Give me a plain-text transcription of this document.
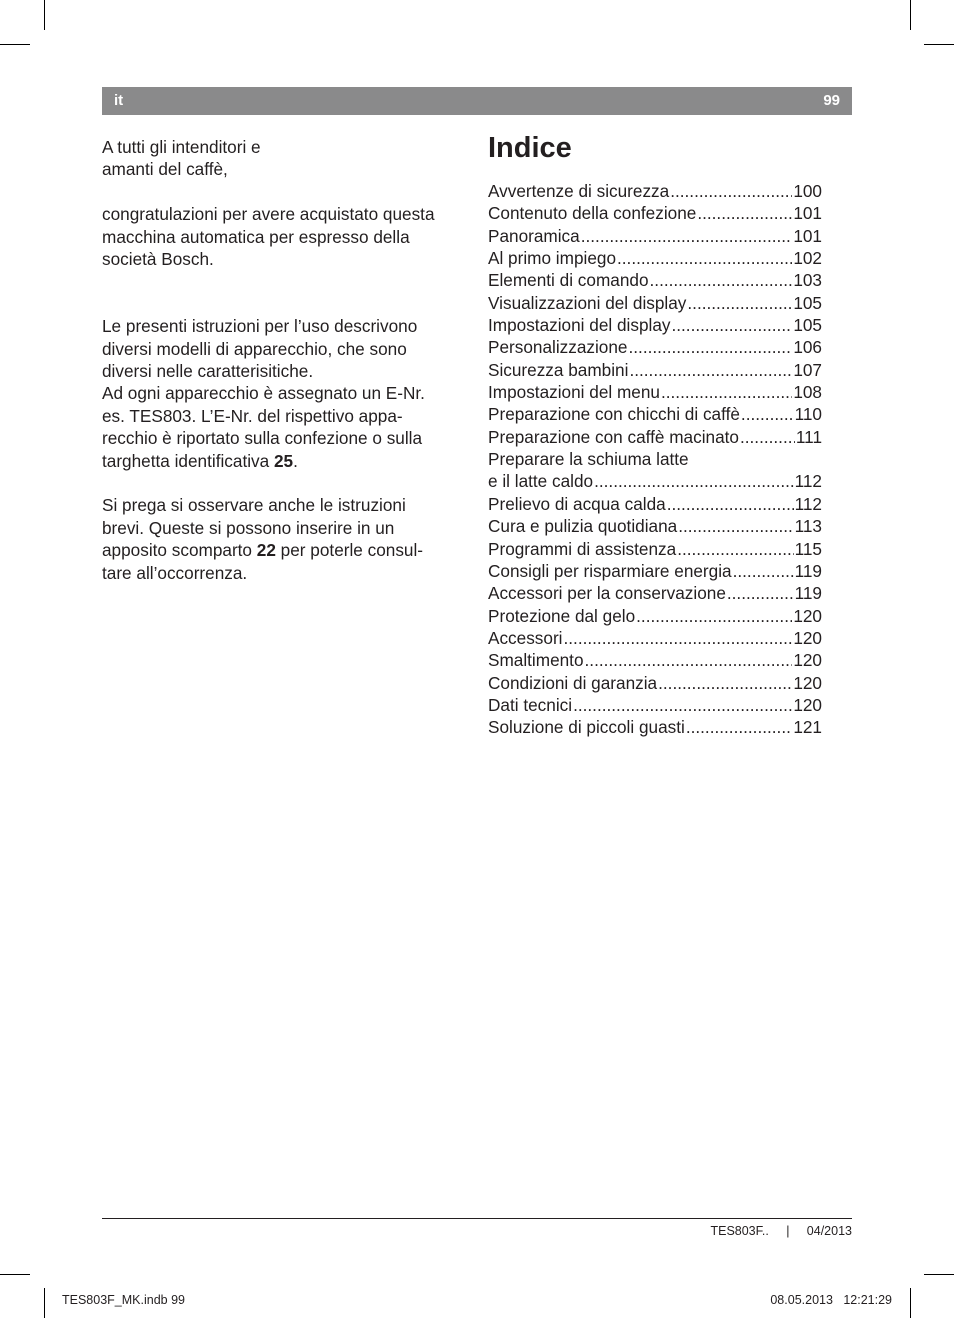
it	99

A tutti gli intenditori e

amanti del caffè,

congratulazioni per avere acquistato questa

macchina automatica per espresso della

società Bosch.

Le presenti istruzioni per l’uso descrivono

diversi modelli di apparecchio, che sono

diversi nelle caratterisitiche.

Ad ogni apparecchio è assegnato un E-Nr.

es. TES803. L’E-Nr. del rispettivo appa-

recchio è riportato sulla confezione o sulla

targhetta identificativa 25.

Si prega si osservare anche le istruzioni

brevi. Queste si possono inserire in un

apposito scomparto 22 per poterle consul-

tare all’occorrenza.

Indice
Avvertenze di sicurezza .....	100
Contenuto della confezione .....	101
Panoramica .....	101
Al primo impiego .....	102
Elementi di comando .....	103
Visualizzazioni del display .....	105
Impostazioni del display .....	105
Personalizzazione .....	106
Sicurezza bambini .....	107
Impostazioni del menu .....	108
Preparazione con chicchi di caffè .....	110
Preparazione con caffè macinato .....	111
Preparare la schiuma latte
e il latte caldo .....	112
Prelievo di acqua calda .....	112
Cura e pulizia quotidiana .....	113
Programmi di assistenza .....	115
Consigli per risparmiare energia .....	119
Accessori per la conservazione .....	119
Protezione dal gelo .....	120
Accessori .....	120
Smaltimento .....	120
Condizioni di garanzia .....	120
Dati tecnici .....	120
Soluzione di piccoli guasti .....	121
TES803F..     |     04/2013
TES803F_MK.indb 99	08.05.2013   12:21:29
